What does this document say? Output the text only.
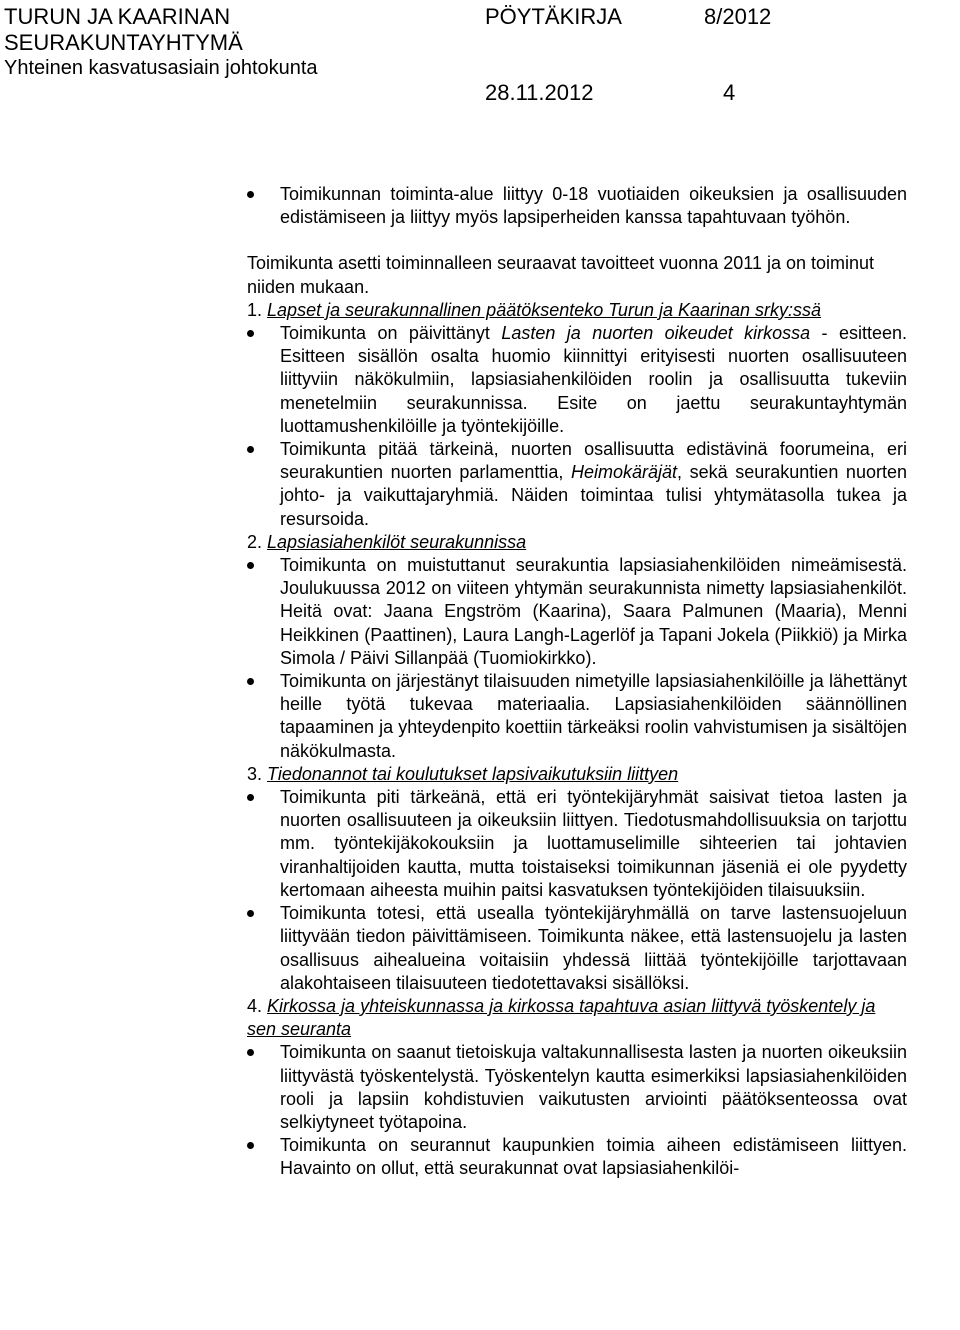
TURUN JA KAARINAN
SEURAKUNTAYHTYMÄ
Yhteinen kasvatusasiain johtokunta
PÖYTÄKIRJA	8/2012
28.11.2012	4
Toimikunnan toiminta-alue liittyy 0-18 vuotiaiden oikeuksien ja osallisuuden edistämiseen ja liittyy myös lapsiperheiden kanssa tapahtuvaan työhön.

Toimikunta asetti toiminnalleen seuraavat tavoitteet vuonna 2011 ja on toiminut niiden mukaan.

1. Lapset ja seurakunnallinen päätöksenteko Turun ja Kaarinan srky:ssä

Toimikunta on päivittänyt Lasten ja nuorten oikeudet kirkossa - esitteen. Esitteen sisällön osalta huomio kiinnittyi erityisesti nuorten osallisuuteen liittyviin näkökulmiin, lapsiasiahenkilöiden roolin ja osallisuutta tukeviin menetelmiin seurakunnissa. Esite on jaettu seurakuntayhtymän luottamushenkilöille ja työntekijöille.
Toimikunta pitää tärkeinä, nuorten osallisuutta edistävinä foorumeina, eri seurakuntien nuorten parlamenttia, Heimokäräjät, sekä seurakuntien nuorten johto- ja vaikuttajaryhmiä. Näiden toimintaa tulisi yhtymätasolla tukea ja resursoida.

2. Lapsiasiahenkilöt seurakunnissa

Toimikunta on muistuttanut seurakuntia lapsiasiahenkilöiden nimeämisestä. Joulukuussa 2012 on viiteen yhtymän seurakunnista nimetty lapsiasiahenkilöt. Heitä ovat: Jaana Engström (Kaarina), Saara Palmunen (Maaria), Menni Heikkinen (Paattinen), Laura Langh-Lagerlöf ja Tapani Jokela (Piikkiö) ja Mirka Simola / Päivi Sillanpää (Tuomiokirkko).
Toimikunta on järjestänyt tilaisuuden nimetyille lapsiasiahenkilöille ja lähettänyt heille työtä tukevaa materiaalia. Lapsiasiahenkilöiden säännöllinen tapaaminen ja yhteydenpito koettiin tärkeäksi roolin vahvistumisen ja sisältöjen näkökulmasta.

3. Tiedonannot tai koulutukset lapsivaikutuksiin liittyen

Toimikunta piti tärkeänä, että eri työntekijäryhmät saisivat tietoa lasten ja nuorten osallisuuteen ja oikeuksiin liittyen. Tiedotusmahdollisuuksia on tarjottu mm. työntekijäkokouksiin ja luottamuselimille sihteerien tai johtavien viranhaltijoiden kautta, mutta toistaiseksi toimikunnan jäseniä ei ole pyydetty kertomaan aiheesta muihin paitsi kasvatuksen työntekijöiden tilaisuuksiin.
Toimikunta totesi, että usealla työntekijäryhmällä on tarve lastensuojeluun liittyvään tiedon päivittämiseen. Toimikunta näkee, että lastensuojelu ja lasten osallisuus aihealueina voitaisiin yhdessä liittää työntekijöille tarjottavaan alakohtaiseen tilaisuuteen tiedotettavaksi sisällöksi.

4. Kirkossa ja yhteiskunnassa ja kirkossa tapahtuva asian liittyvä työskentely ja sen seuranta

Toimikunta on saanut tietoiskuja valtakunnallisesta lasten ja nuorten oikeuksiin liittyvästä työskentelystä. Työskentelyn kautta esimerkiksi lapsiasiahenkilöiden rooli ja lapsiin kohdistuvien vaikutusten arviointi päätöksenteossa ovat selkiytyneet työtapoina.
Toimikunta on seurannut kaupunkien toimia aiheen edistämiseen liittyen. Havainto on ollut, että seurakunnat ovat lapsiasiahenkilöi-
